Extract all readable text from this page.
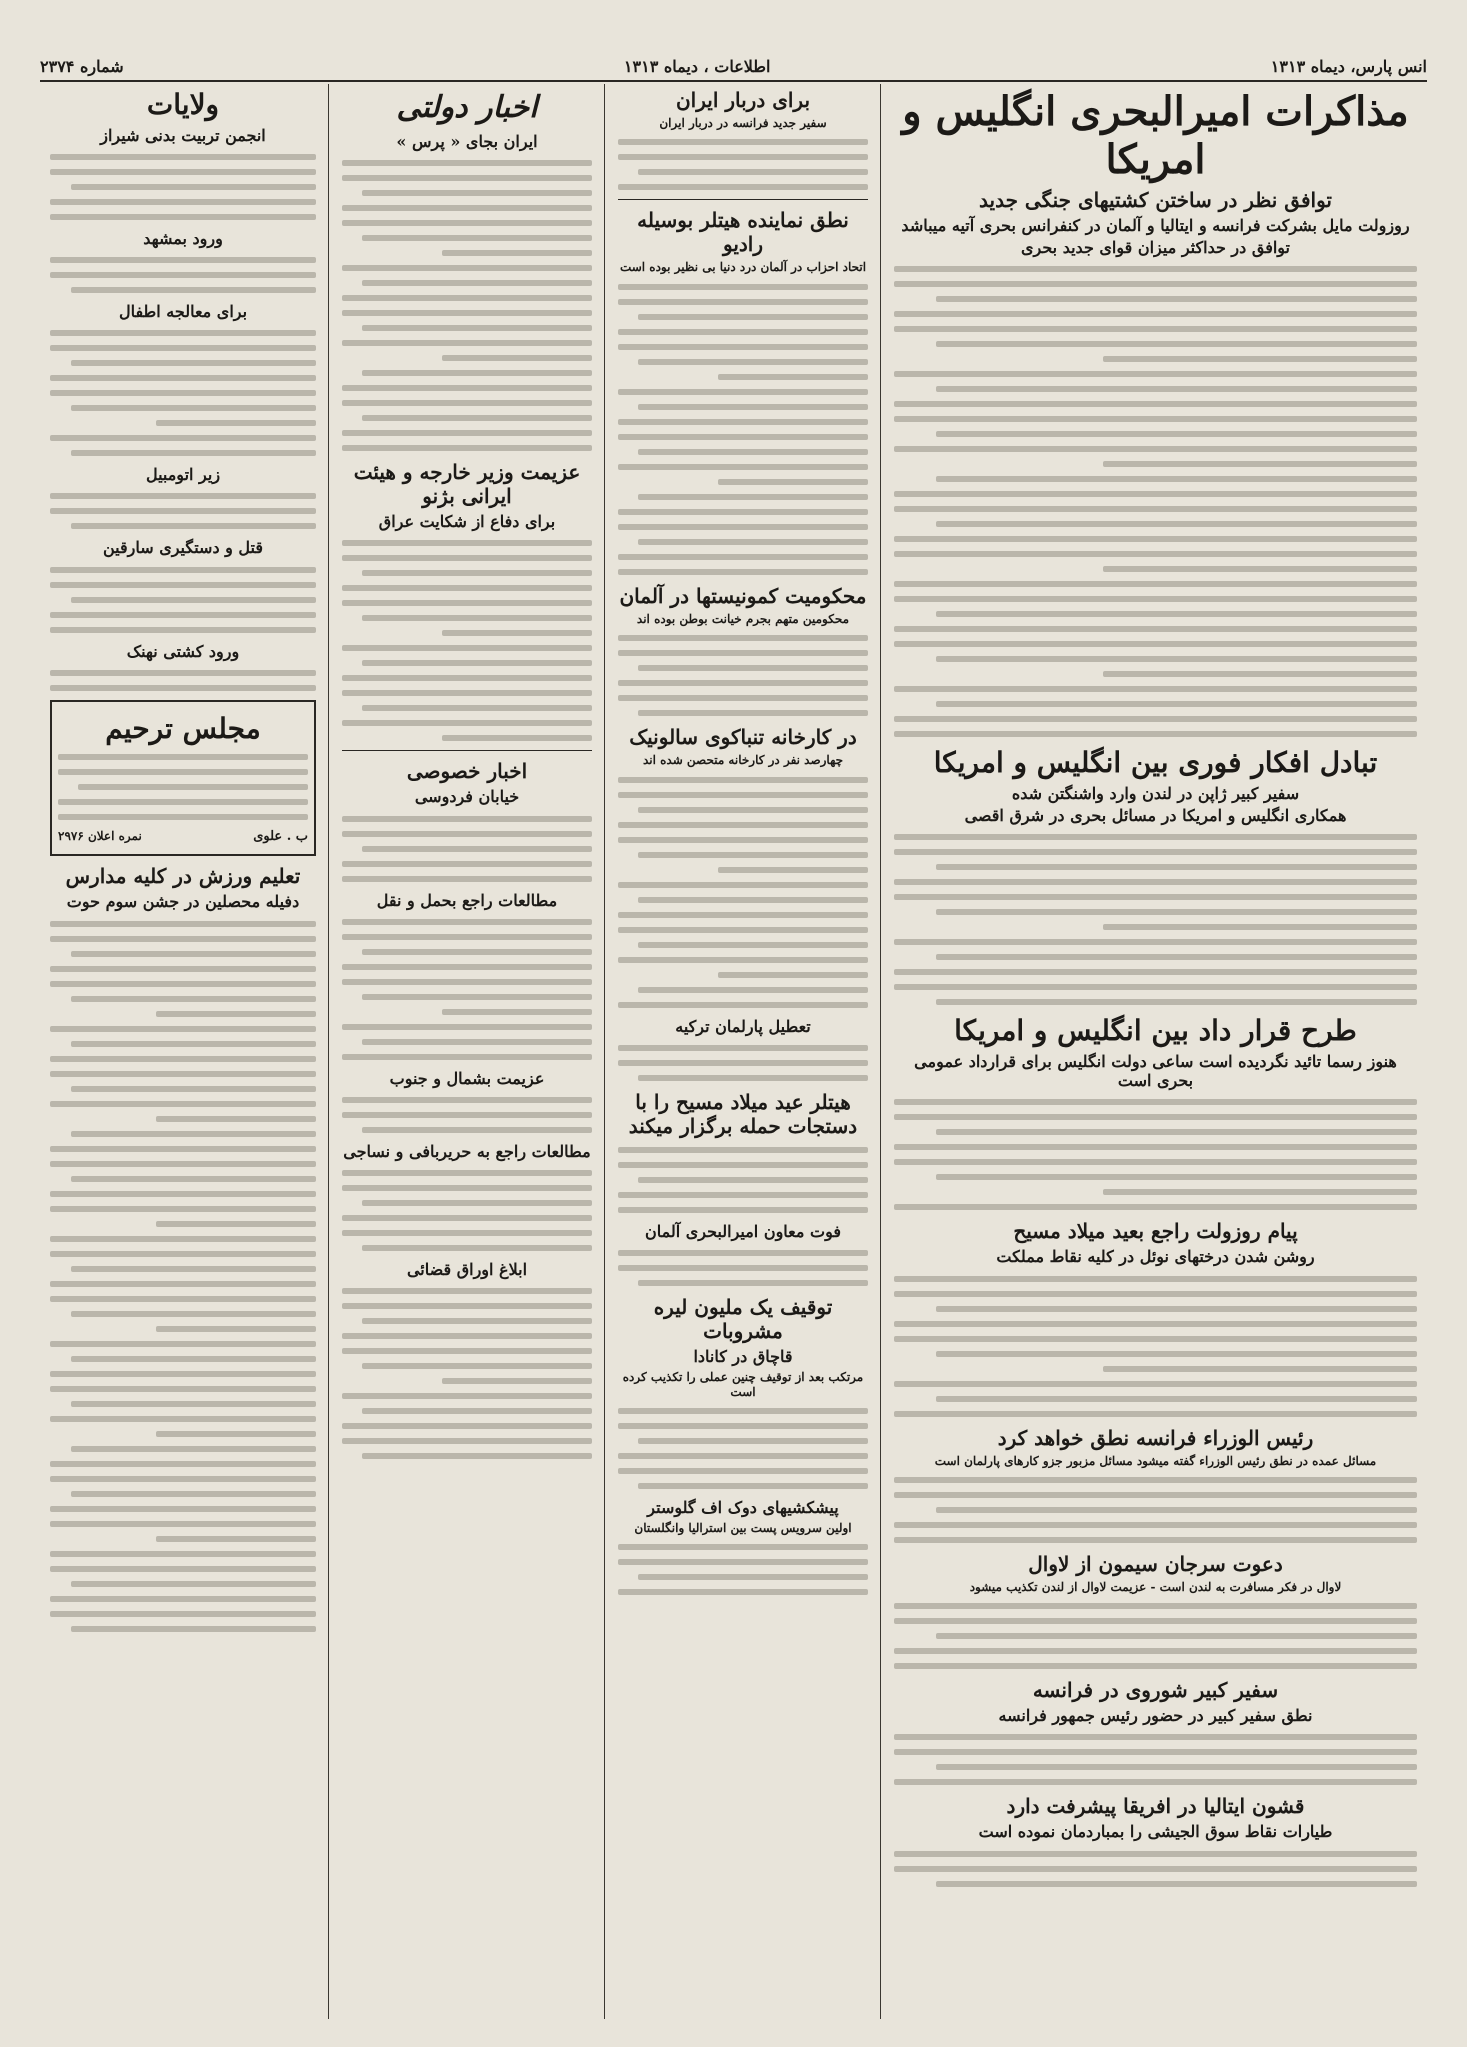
انس پارس، دیماه ۱۳۱۳
اطلاعات ، دیماه ۱۳۱۳
شماره ۲۳۷۴
مذاکرات امیرالبحری انگلیس و امریکا
توافق نظر در ساختن کشتیهای جنگی جدید
روزولت مایل بشرکت فرانسه و ایتالیا و آلمان در کنفرانس بحری آتیه میباشد
توافق در حداکثر میزان قوای جدید بحری
تبادل افکار فوری بین انگلیس و امریکا
سفیر کبیر ژاپن در لندن وارد واشنگتن شده
همکاری انگلیس و امریکا در مسائل بحری در شرق اقصی
طرح قرار داد بین انگلیس و امریکا
هنوز رسما تائید نگردیده است ساعی دولت انگلیس برای قرارداد عمومی بحری است
پیام روزولت راجع بعید میلاد مسیح
روشن شدن درختهای نوئل در کلیه نقاط مملکت
رئیس الوزراء فرانسه نطق خواهد کرد
مسائل عمده در نطق رئیس الوزراء گفته میشود مسائل مزبور جزو کارهای پارلمان است
دعوت سرجان سیمون از لاوال
لاوال در فکر مسافرت به لندن است - عزیمت لاوال از لندن تکذیب میشود
سفیر کبیر شوروی در فرانسه
نطق سفیر کبیر در حضور رئیس جمهور فرانسه
قشون ایتالیا در افریقا پیشرفت دارد
طیارات نقاط سوق الجیشی را بمباردمان نموده است
برای دربار ایران
سفیر جدید فرانسه در دربار ایران
نطق نماینده هیتلر بوسیله رادیو
اتحاد احزاب در آلمان درد دنیا بی نظیر بوده است
محکومیت کمونیستها در آلمان
محکومین متهم بجرم خیانت بوطن بوده اند
در کارخانه تنباکوی سالونیک
چهارصد نفر در کارخانه متحصن شده اند
تعطیل پارلمان ترکیه
هیتلر عید میلاد مسیح را با دستجات حمله برگزار میکند
فوت معاون امیرالبحری آلمان
توقیف یک ملیون لیره مشروبات
قاچاق در کانادا
مرتکب بعد از توقیف چنین عملی را تکذیب کرده است
پیشکشیهای دوک اف گلوستر
اولین سرویس پست بین استرالیا وانگلستان
اخبار دولتی
ایران بجای « پرس »
عزیمت وزیر خارجه و هیئت ایرانی بژنو
برای دفاع از شکایت عراق
اخبار خصوصی
خیابان فردوسی
مطالعات راجع بحمل و نقل
عزیمت بشمال و جنوب
مطالعات راجع به حریربافی و نساجی
ابلاغ اوراق قضائی
ولایات
انجمن تربیت بدنی شیراز
ورود بمشهد
برای معالجه اطفال
زیر اتومبیل
قتل و دستگیری سارقین
ورود کشتی نهنک
مجلس ترحیم
ب . علوی
نمره اعلان ۲۹۷۶
تعلیم ورزش در کلیه مدارس
دفیله محصلین در جشن سوم حوت
